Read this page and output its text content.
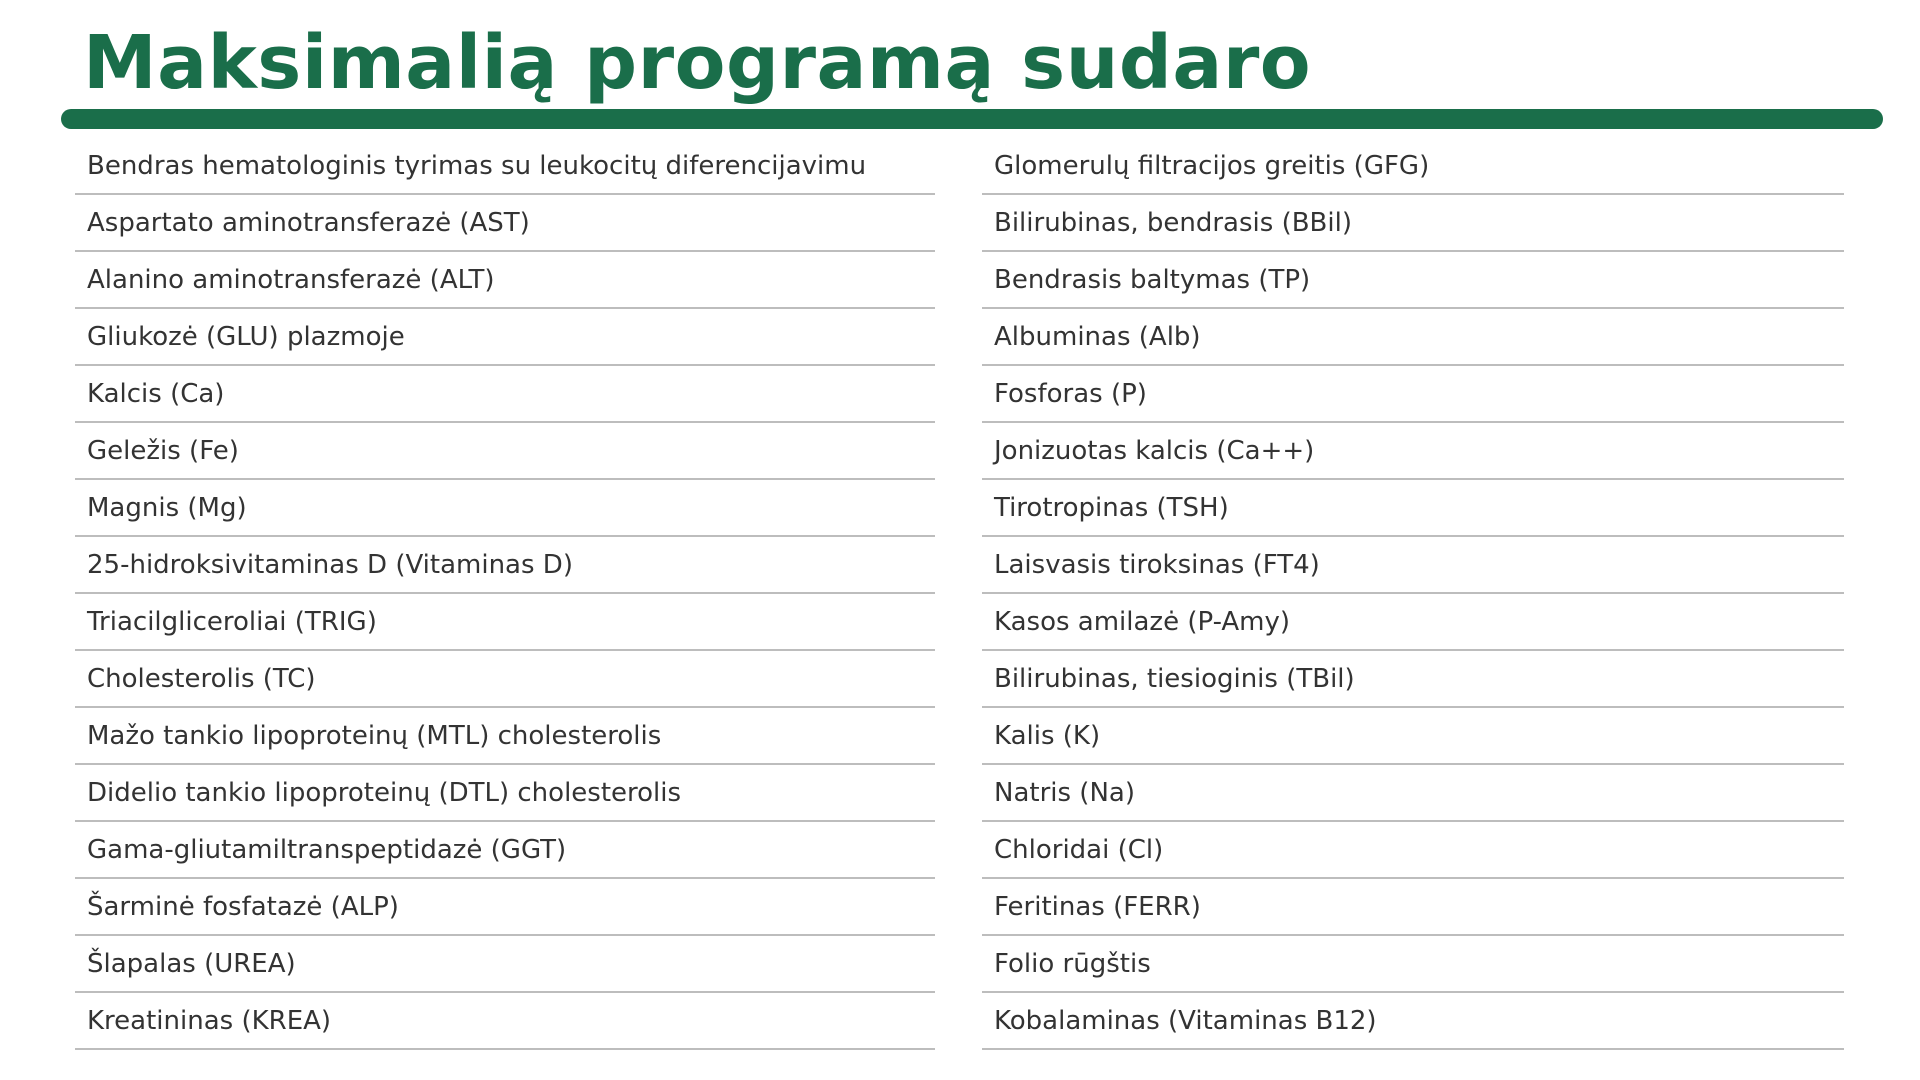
Maksimalią programą sudaro
Bendras hematologinis tyrimas su leukocitų diferencijavimu
Aspartato aminotransferazė (AST)
Alanino aminotransferazė (ALT)
Gliukozė (GLU) plazmoje
Kalcis (Ca)
Geležis (Fe)
Magnis (Mg)
25-hidroksivitaminas D (Vitaminas D)
Triacilgliceroliai (TRIG)
Cholesterolis (TC)
Mažo tankio lipoproteinų (MTL) cholesterolis
Didelio tankio lipoproteinų (DTL) cholesterolis
Gama-gliutamiltranspeptidazė (GGT)
Šarminė fosfatazė (ALP)
Šlapalas (UREA)
Kreatininas (KREA)
Glomerulų filtracijos greitis (GFG)
Bilirubinas, bendrasis (BBil)
Bendrasis baltymas (TP)
Albuminas (Alb)
Fosforas (P)
Jonizuotas kalcis (Ca++)
Tirotropinas (TSH)
Laisvasis tiroksinas (FT4)
Kasos amilazė (P-Amy)
Bilirubinas, tiesioginis (TBil)
Kalis (K)
Natris (Na)
Chloridai (Cl)
Feritinas (FERR)
Folio rūgštis
Kobalaminas (Vitaminas B12)
